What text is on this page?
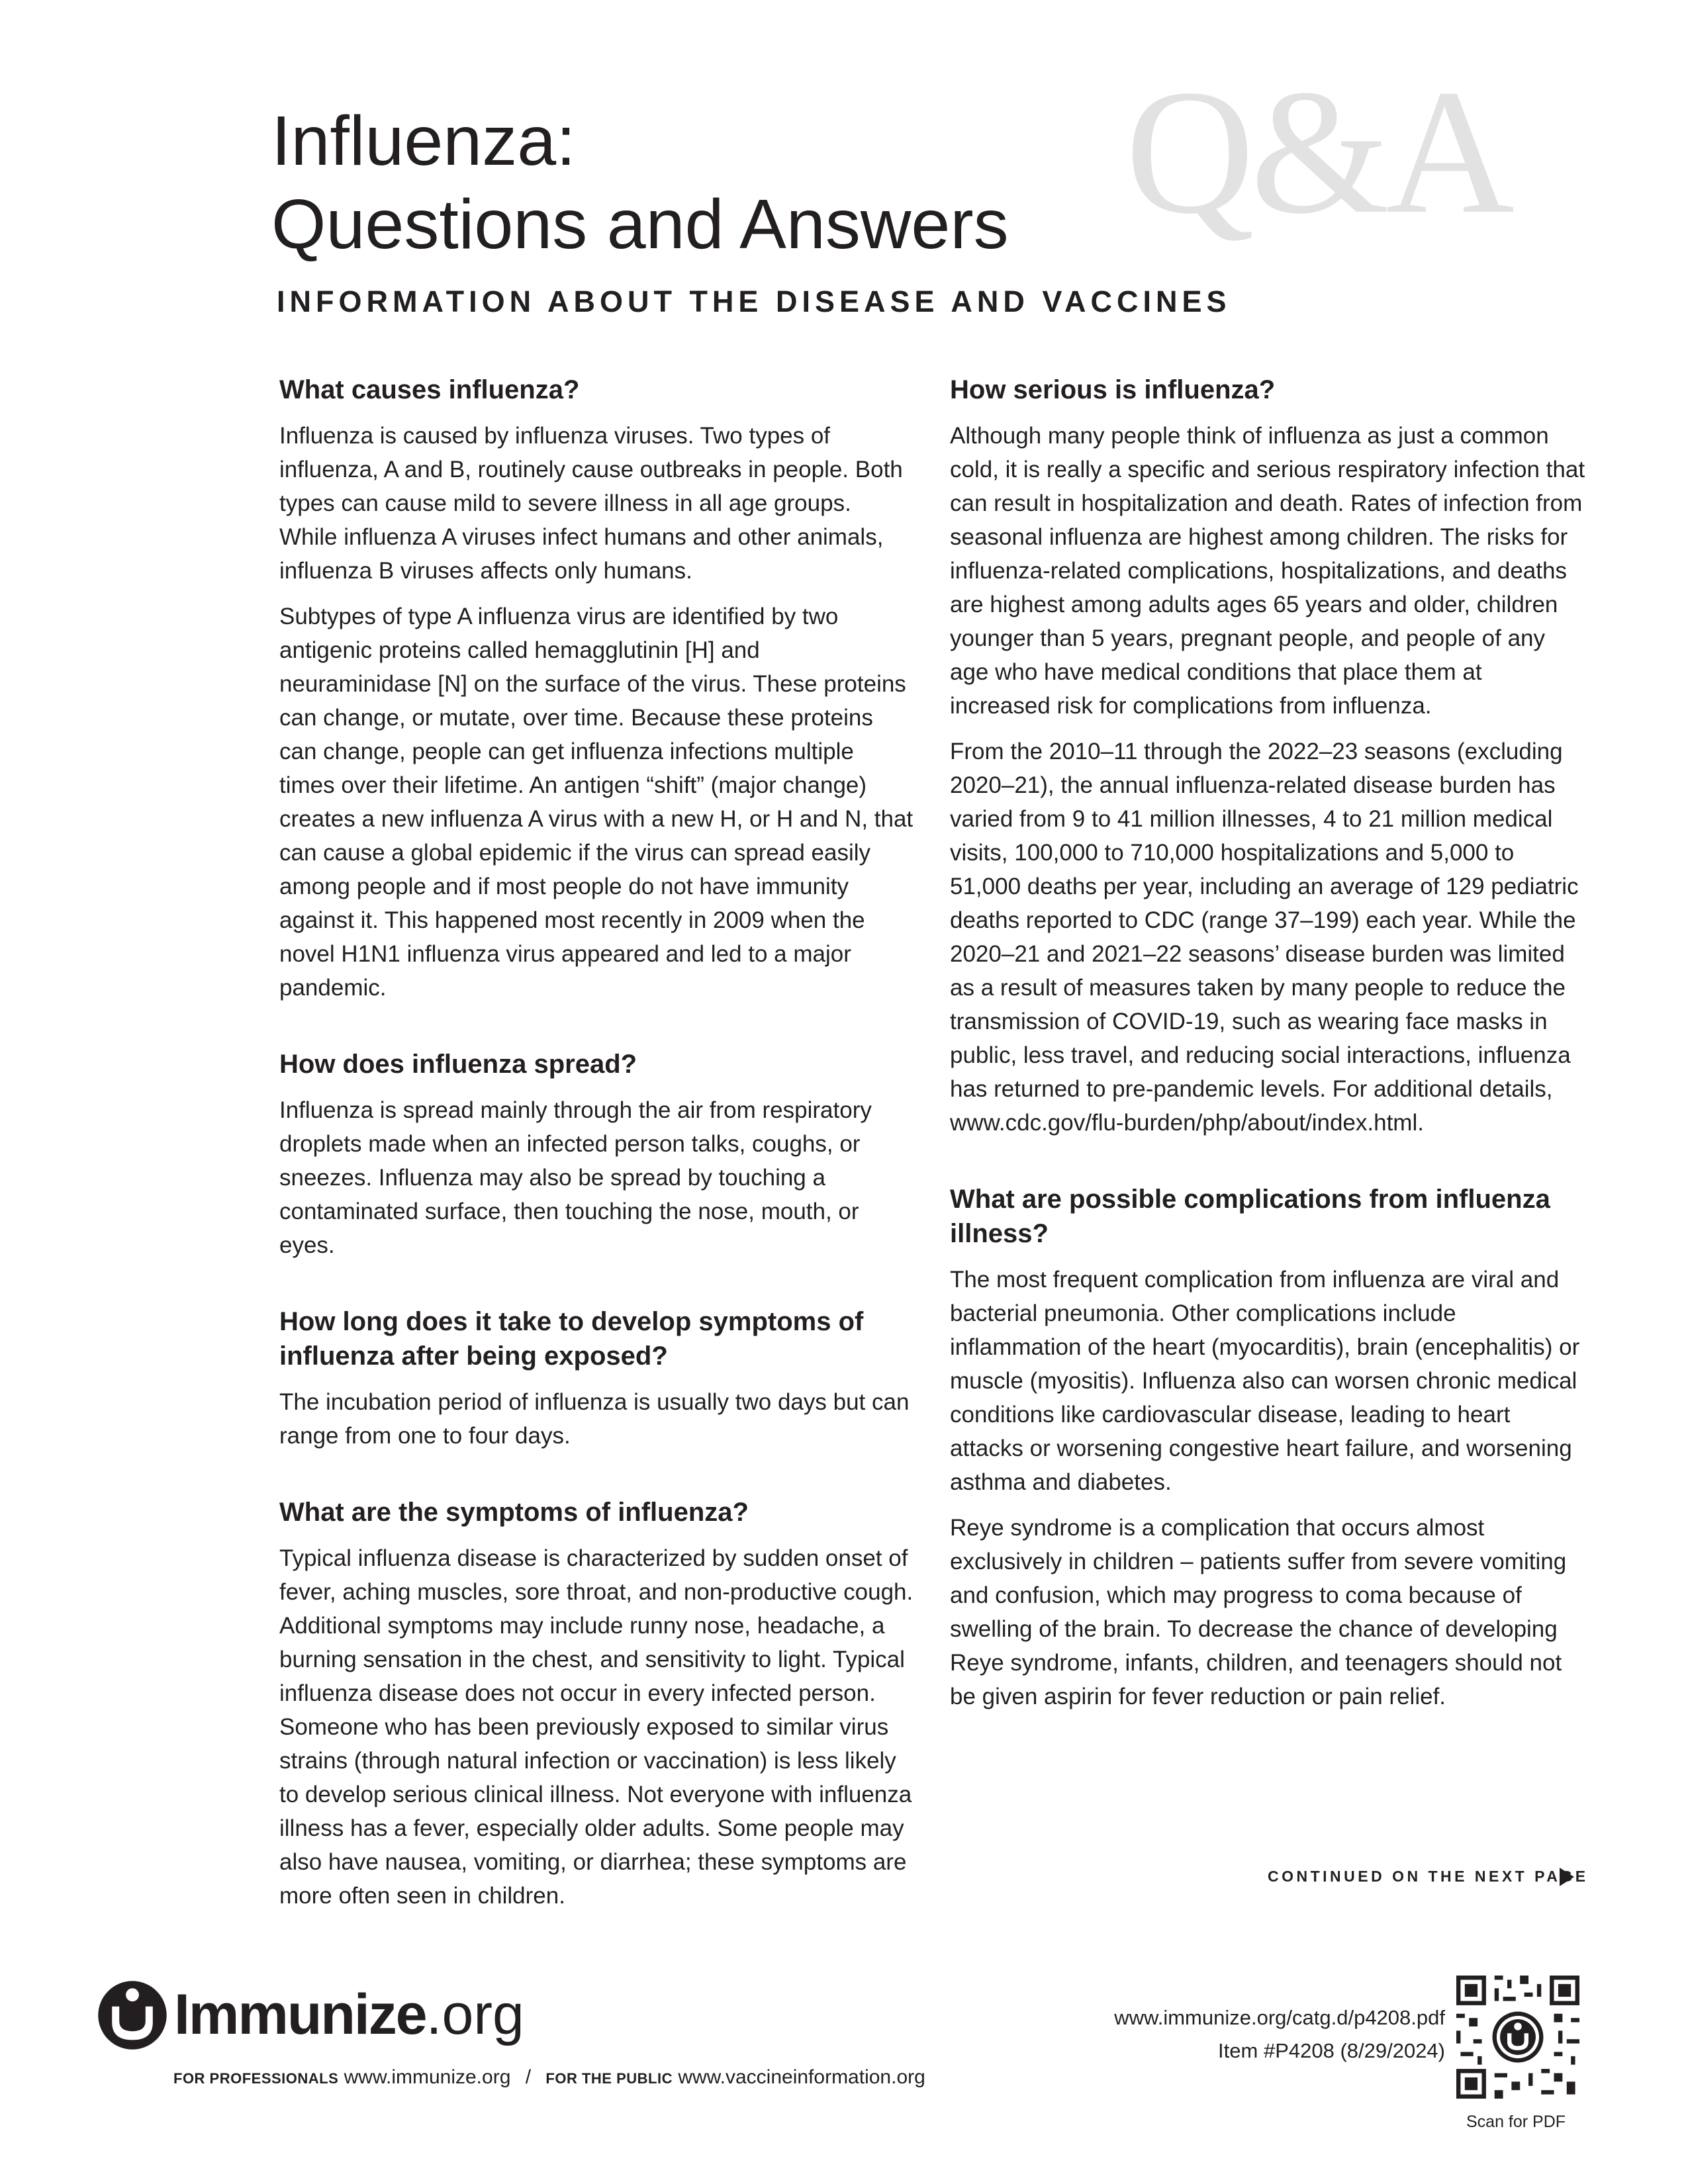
Q&A
Influenza:
Questions and Answers
INFORMATION ABOUT THE DISEASE AND VACCINES
What causes influenza?

Influenza is caused by influenza viruses. Two types of influenza, A and B, routinely cause outbreaks in people. Both types can cause mild to severe illness in all age groups. While influenza A viruses infect humans and other animals, influenza B viruses affects only humans.

Subtypes of type A influenza virus are identified by two antigenic proteins called hemagglutinin [H] and neuraminidase [N] on the surface of the virus. These proteins can change, or mutate, over time. Because these proteins can change, people can get influenza infections multiple times over their lifetime. An antigen “shift” (major change) creates a new influenza A virus with a new H, or H and N, that can cause a global epidemic if the virus can spread easily among people and if most people do not have immunity against it. This happened most recently in 2009 when the novel H1N1 influenza virus appeared and led to a major pandemic.

How does influenza spread?

Influenza is spread mainly through the air from respiratory droplets made when an infected person talks, coughs, or sneezes. Influenza may also be spread by touching a contaminated surface, then touching the nose, mouth, or eyes.

How long does it take to develop symptoms of influenza after being exposed?

The incubation period of influenza is usually two days but can range from one to four days.

What are the symptoms of influenza?

Typical influenza disease is characterized by sudden onset of fever, aching muscles, sore throat, and non-productive cough. Additional symptoms may include runny nose, headache, a burning sensation in the chest, and sensitivity to light. Typical influenza disease does not occur in every infected person. Someone who has been previously exposed to similar virus strains (through natural infection or vaccination) is less likely to develop serious clinical illness. Not everyone with influenza illness has a fever, especially older adults. Some people may also have nausea, vomiting, or diarrhea; these symptoms are more often seen in children.

How serious is influenza?

Although many people think of influenza as just a common cold, it is really a specific and serious respiratory infection that can result in hospitalization and death. Rates of infection from seasonal influenza are highest among children. The risks for influenza-related complications, hospitalizations, and deaths are highest among adults ages 65 years and older, children younger than 5 years, pregnant people, and people of any age who have medical conditions that place them at increased risk for complications from influenza.

From the 2010–11 through the 2022–23 seasons (excluding 2020–21), the annual influenza-related disease burden has varied from 9 to 41 million illnesses, 4 to 21 million medical visits, 100,000 to 710,000 hospitalizations and 5,000 to 51,000 deaths per year, including an average of 129 pediatric deaths reported to CDC (range 37–199) each year. While the 2020–21 and 2021–22 seasons’ disease burden was limited as a result of measures taken by many people to reduce the transmission of COVID-19, such as wearing face masks in public, less travel, and reducing social interactions, influenza has returned to pre-pandemic levels. For additional details, www.cdc.gov/flu-burden/php/about/index.html.

What are possible complications from influenza illness?

The most frequent complication from influenza are viral and bacterial pneumonia. Other complications include inflammation of the heart (myocarditis), brain (encephalitis) or muscle (myositis). Influenza also can worsen chronic medical conditions like cardiovascular disease, leading to heart attacks or worsening congestive heart failure, and worsening asthma and diabetes.

Reye syndrome is a complication that occurs almost exclusively in children – patients suffer from severe vomiting and confusion, which may progress to coma because of swelling of the brain. To decrease the chance of developing Reye syndrome, infants, children, and teenagers should not be given aspirin for fever reduction or pain relief.

CONTINUED ON THE NEXT PAGE
Immunize.org
FOR PROFESSIONALS www.immunize.org / FOR THE PUBLIC www.vaccineinformation.org
www.immunize.org/catg.d/p4208.pdf
Item #P4208 (8/29/2024)
Scan for PDF
